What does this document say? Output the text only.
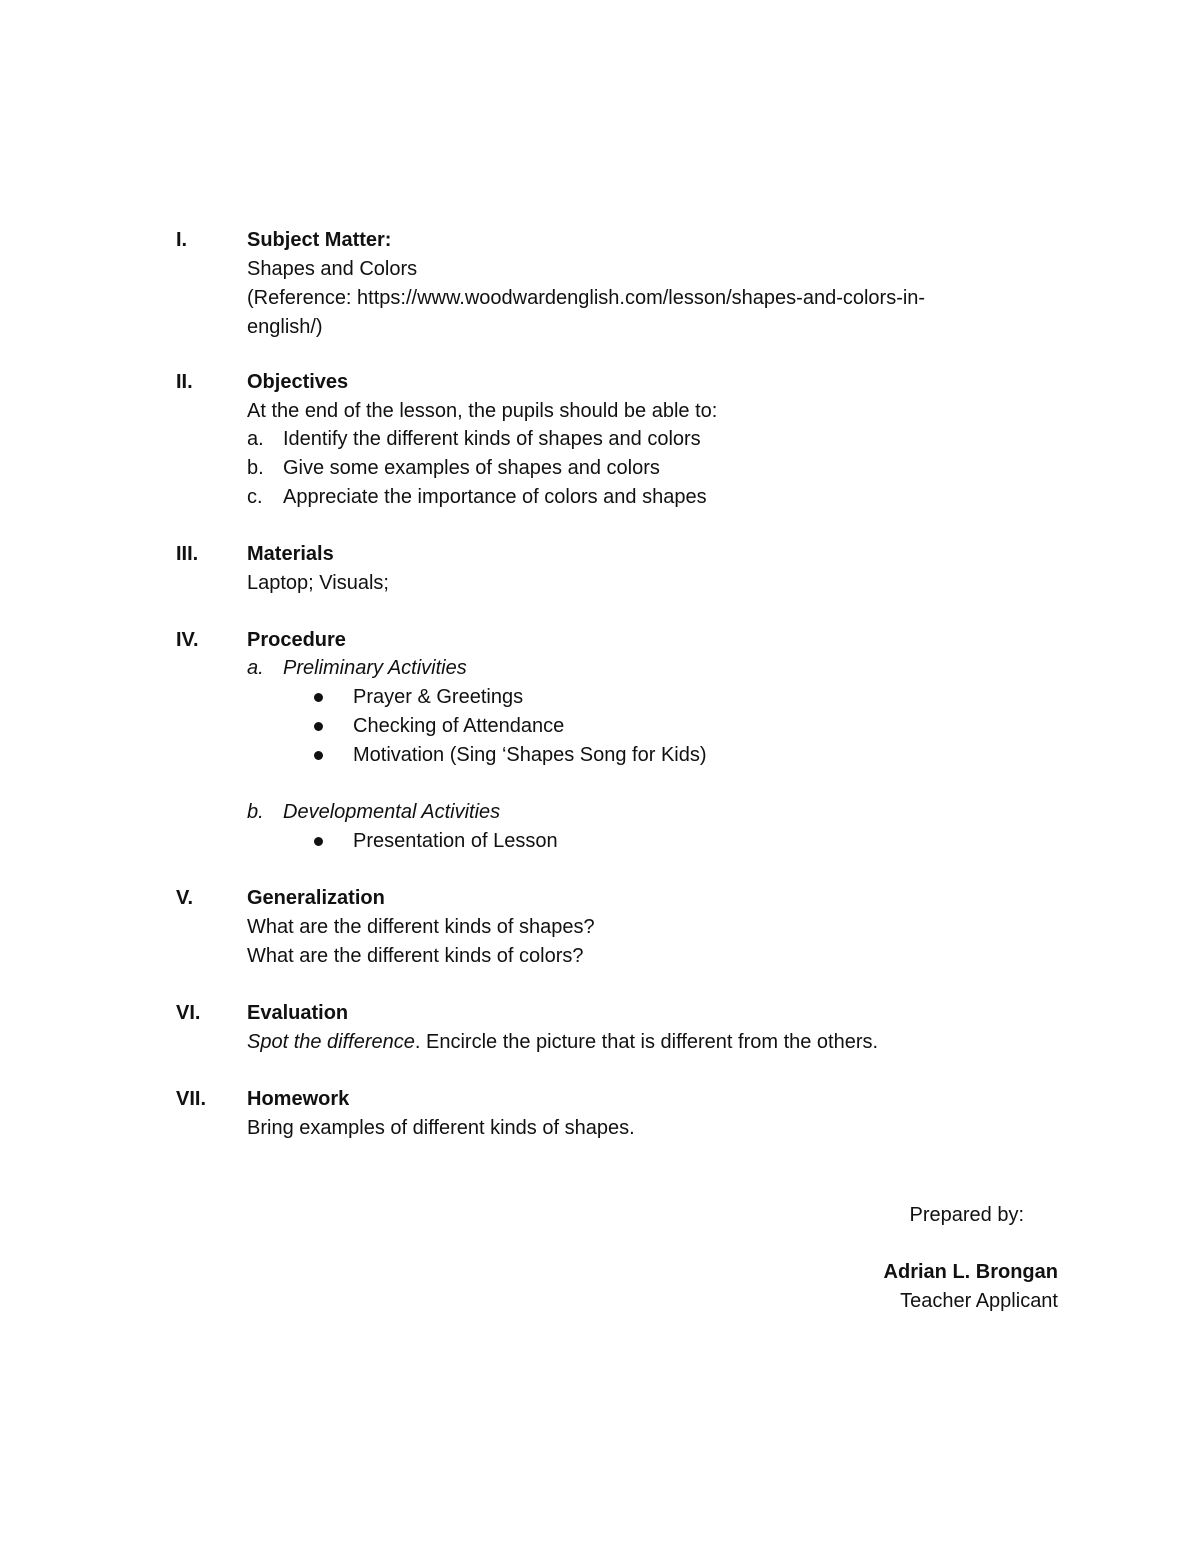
I.	Subject Matter:
Shapes and Colors
(Reference: https://www.woodwardenglish.com/lesson/shapes-and-colors-in-
english/)
II.	Objectives
At the end of the lesson, the pupils should be able to:
a. Identify the different kinds of shapes and colors
b. Give some examples of shapes and colors
c. Appreciate the importance of colors and shapes
III. Materials
Laptop; Visuals;
IV. Procedure
a. Preliminary Activities
Prayer & Greetings
Checking of Attendance
Motivation (Sing ‘Shapes Song for Kids)
b. Developmental Activities
Presentation of Lesson
V.	Generalization
What are the different kinds of shapes?
What are the different kinds of colors?
VI. Evaluation
Spot the difference. Encircle the picture that is different from the others.
VII. Homework
Bring examples of different kinds of shapes.
Prepared by:
Adrian L. Brongan
Teacher Applicant
